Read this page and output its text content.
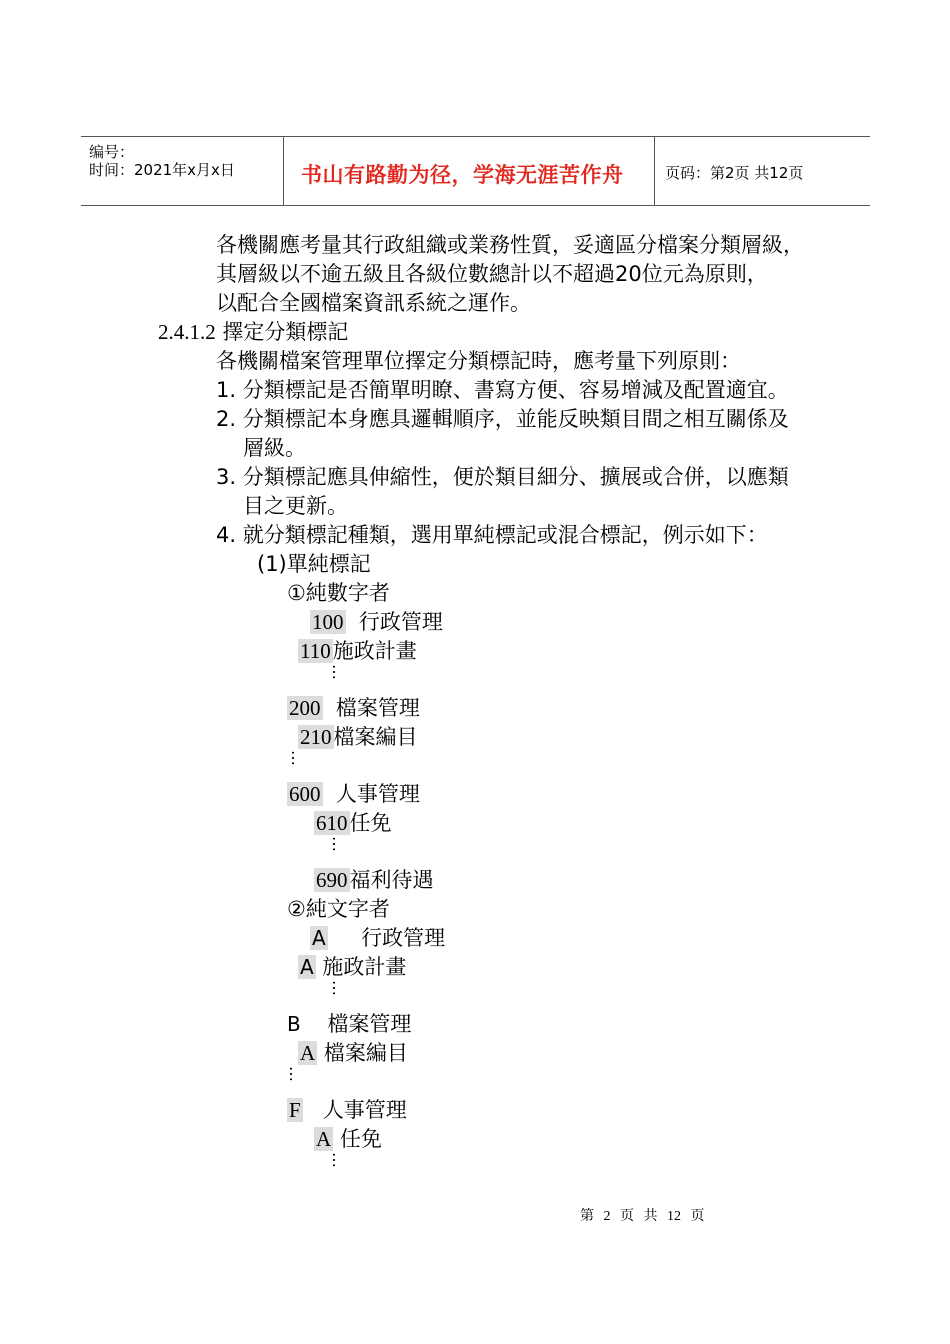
编号：
时间：2021年x月x日	书山有路勤为径，学海无涯苦作舟	页码：第2页 共12页
各機關應考量其行政組織或業務性質，妥適區分檔案分類層級，
其層級以不逾五級且各級位數總計以不超過20位元為原則，
以配合全國檔案資訊系統之運作。
2.4.1.2 擇定分類標記
各機關檔案管理單位擇定分類標記時，應考量下列原則：
1. 分類標記是否簡單明瞭、書寫方便、容易增減及配置適宜。
2. 分類標記本身應具邏輯順序，並能反映類目間之相互關係及
層級。
3. 分類標記應具伸縮性，便於類目細分、擴展或合併，以應類
目之更新。
4. 就分類標記種類，選用單純標記或混合標記，例示如下：
(1)單純標記
①純數字者
100 行政管理
110施政計畫
…
200 檔案管理
210檔案編目
…
600 人事管理
610任免
…
690福利待遇
②純文字者
A 行政管理
A 施政計畫
…
B 檔案管理
A 檔案編目
…
F 人事管理
A 任免
…
第 2 页 共 12 页
